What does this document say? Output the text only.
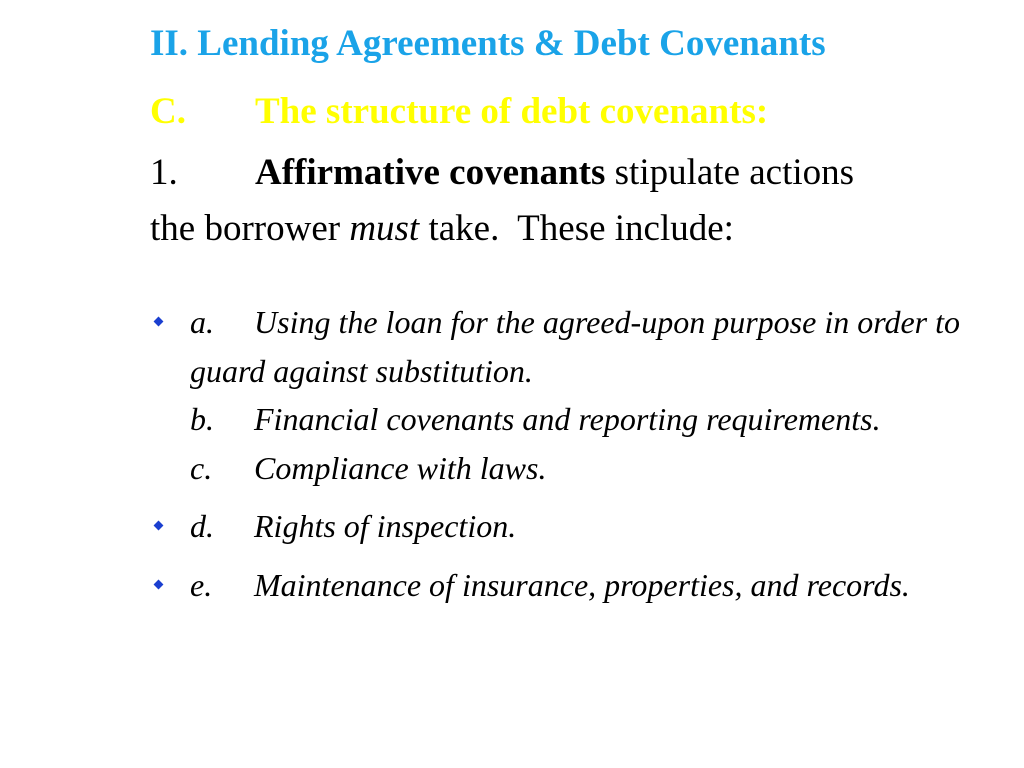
II. Lending Agreements & Debt Covenants
C. The structure of debt covenants:
1. Affirmative covenants stipulate actions
the borrower must take.  These include:
a. Using the loan for the agreed-upon purpose in order to guard against substitution.
b. Financial covenants and reporting requirements.
c. Compliance with laws.
d. Rights of inspection.
e. Maintenance of insurance, properties, and records.
